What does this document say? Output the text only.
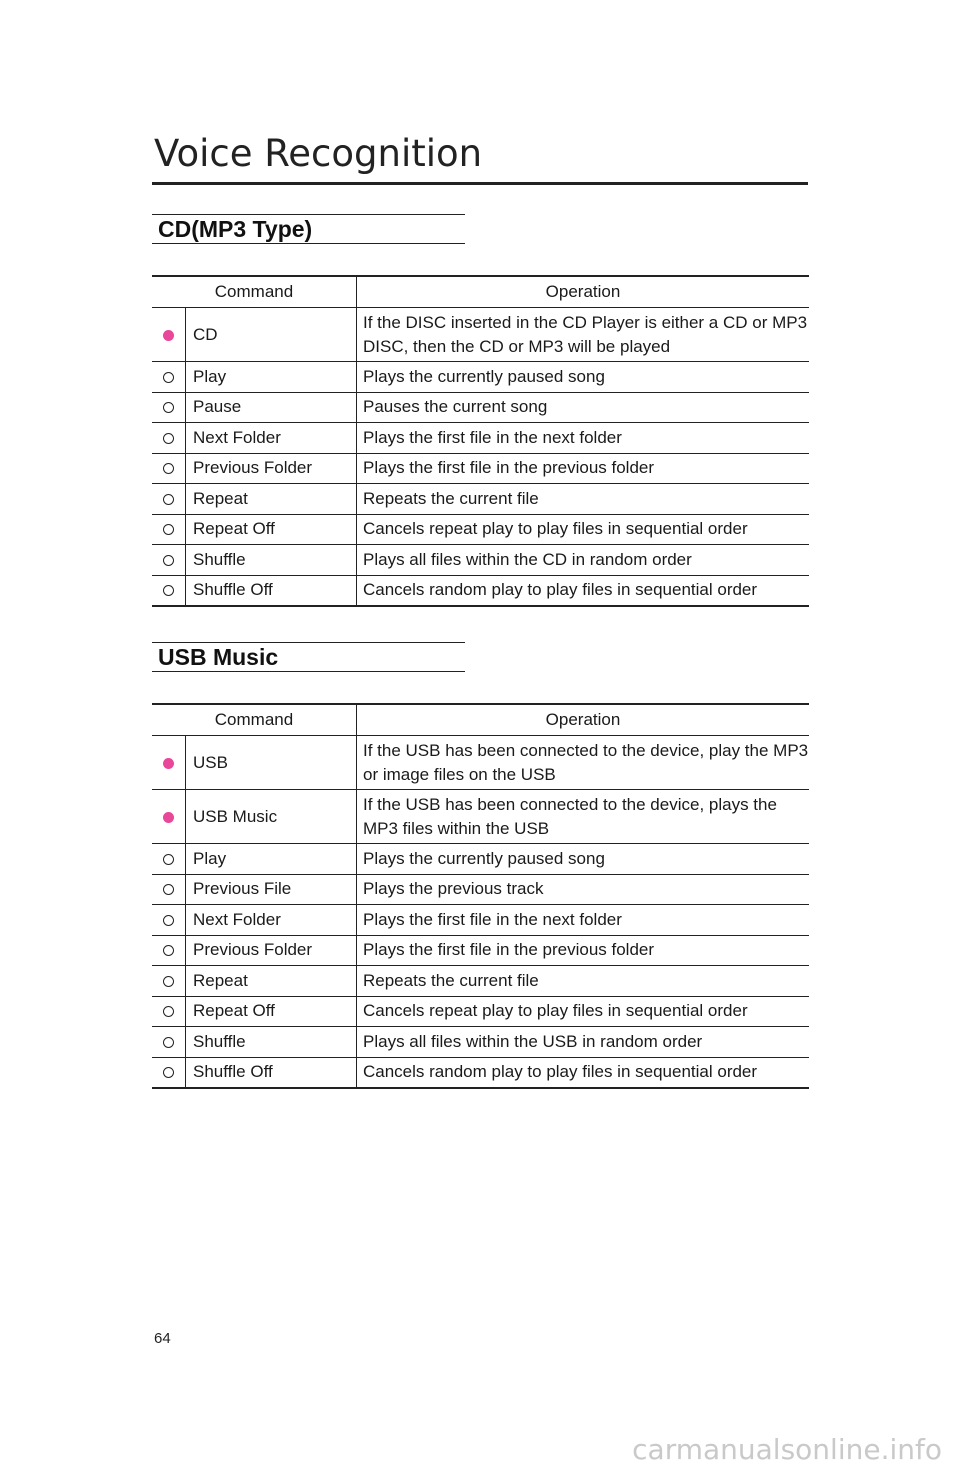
Voice Recognition
CD(MP3 Type)
Command		Operation
	CD	If the DISC inserted in the CD Player is either a CD or MP3 DISC, then the CD or MP3 will be played
	Play	Plays the currently paused song
	Pause	Pauses the current song
	Next Folder	Plays the first file in the next folder
	Previous Folder	Plays the first file in the previous folder
	Repeat	Repeats the current file
	Repeat Off	Cancels repeat play to play files in sequential order
	Shuffle	Plays all files within the CD in random order
	Shuffle Off	Cancels random play to play files in sequential order
USB Music
Command		Operation
	USB	If the USB has been connected to the device, play the MP3 or image files on the USB
	USB Music	If the USB has been connected to the device, plays the MP3 files within the USB
	Play	Plays the currently paused song
	Previous File	Plays the previous track
	Next Folder	Plays the first file in the next folder
	Previous Folder	Plays the first file in the previous folder
	Repeat	Repeats the current file
	Repeat Off	Cancels repeat play to play files in sequential order
	Shuffle	Plays all files within the USB in random order
	Shuffle Off	Cancels random play to play files in sequential order
64
carmanualsonline.info
